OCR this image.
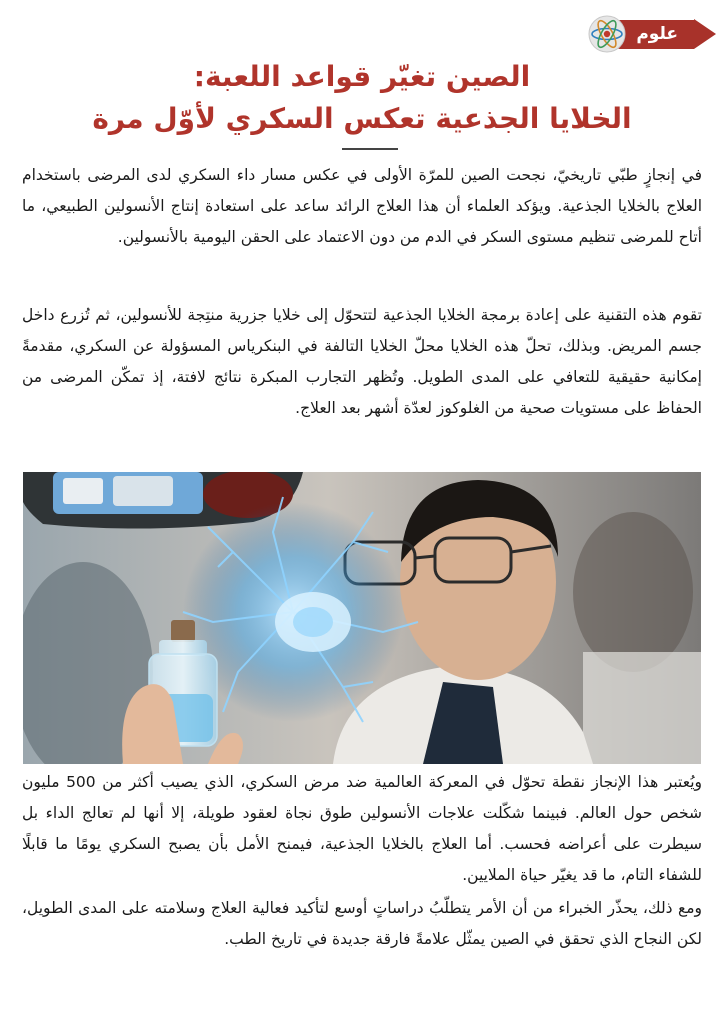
علوم
الصين تغيّر قواعد اللعبة:
الخلايا الجذعية تعكس السكري لأوّل مرة

في إنجازٍ طبّي تاريخيّ، نجحت الصين للمرّة الأولى في عكس مسار داء السكري لدى المرضى باستخدام العلاج بالخلايا الجذعية. ويؤكد العلماء أن هذا العلاج الرائد ساعد على استعادة إنتاج الأنسولين الطبيعي، ما أتاح للمرضى تنظيم مستوى السكر في الدم من دون الاعتماد على الحقن اليومية بالأنسولين.

تقوم هذه التقنية على إعادة برمجة الخلايا الجذعية لتتحوّل إلى خلايا جزرية منتِجة للأنسولين، ثم تُزرع داخل جسم المريض. وبذلك، تحلّ هذه الخلايا محلّ الخلايا التالفة في البنكرياس المسؤولة عن السكري، مقدمةً إمكانية حقيقية للتعافي على المدى الطويل. وتُظهر التجارب المبكرة نتائج لافتة، إذ تمكّن المرضى من الحفاظ على مستويات صحية من الغلوكوز لعدّة أشهر بعد العلاج.

ويُعتبر هذا الإنجاز نقطة تحوّل في المعركة العالمية ضد مرض السكري، الذي يصيب أكثر من 500 مليون شخص حول العالم. فبينما شكّلت علاجات الأنسولين طوق نجاة لعقود طويلة، إلا أنها لم تعالج الداء بل سيطرت على أعراضه فحسب. أما العلاج بالخلايا الجذعية، فيمنح الأمل بأن يصبح السكري يومًا ما قابلًا للشفاء التام، ما قد يغيّر حياة الملايين.

ومع ذلك، يحذّر الخبراء من أن الأمر يتطلّبُ دراساتٍ أوسع لتأكيد فعالية العلاج وسلامته على المدى الطويل، لكن النجاح الذي تحقق في الصين يمثّل علامةً فارقة جديدة في تاريخ الطب.
